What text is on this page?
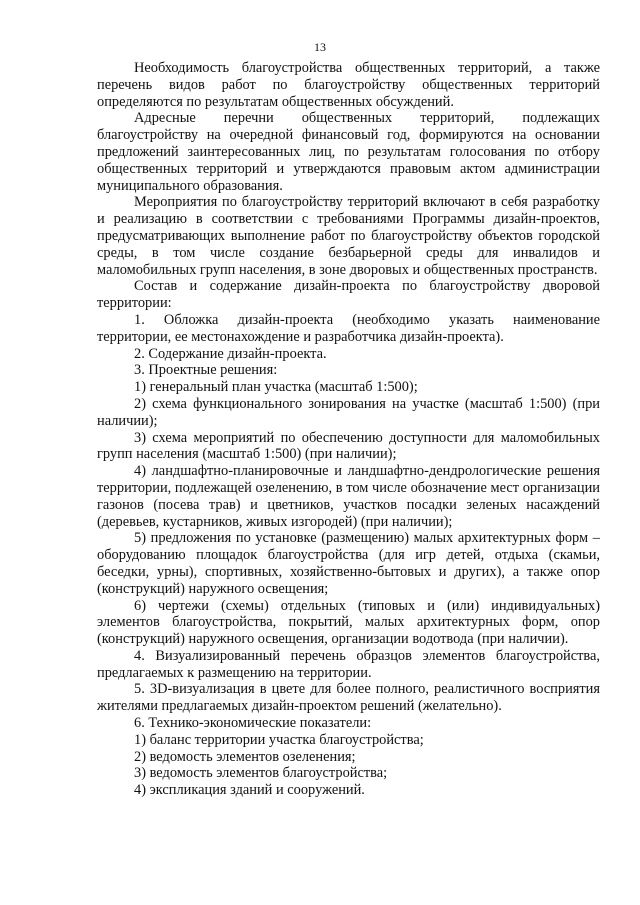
13

Необходимость благоустройства общественных территорий, а также перечень видов работ по благоустройству общественных территорий определяются по результатам общественных обсуждений.

Адресные перечни общественных территорий, подлежащих благоустройству на очередной финансовый год, формируются на основании предложений заинтересованных лиц, по результатам голосования по отбору общественных территорий и утверждаются правовым актом администрации муниципального образования.

Мероприятия по благоустройству территорий включают в себя разработку и реализацию в соответствии с требованиями Программы дизайн-проектов, предусматривающих выполнение работ по благоустройству объектов городской среды, в том числе создание безбарьерной среды для инвалидов и маломобильных групп населения, в зоне дворовых и общественных пространств.

Состав и содержание дизайн-проекта по благоустройству дворовой территории:

1. Обложка дизайн-проекта (необходимо указать наименование территории, ее местонахождение и разработчика дизайн-проекта).

2. Содержание дизайн-проекта.

3. Проектные решения:

1) генеральный план участка (масштаб 1:500);

2) схема функционального зонирования на участке (масштаб 1:500) (при наличии);

3) схема мероприятий по обеспечению доступности для маломобильных групп населения (масштаб 1:500) (при наличии);

4) ландшафтно-планировочные и ландшафтно-дендрологические решения территории, подлежащей озеленению, в том числе обозначение мест организации газонов (посева трав) и цветников, участков посадки зеленых насаждений (деревьев, кустарников, живых изгородей) (при наличии);

5) предложения по установке (размещению) малых архитектурных форм – оборудованию площадок благоустройства (для игр детей, отдыха (скамьи, беседки, урны), спортивных, хозяйственно-бытовых и других), а также опор (конструкций) наружного освещения;

6) чертежи (схемы) отдельных (типовых и (или) индивидуальных) элементов благоустройства, покрытий, малых архитектурных форм, опор (конструкций) наружного освещения, организации водотвода (при наличии).

4. Визуализированный перечень образцов элементов благоустройства, предлагаемых к размещению на территории.

5. 3D-визуализация в цвете для более полного, реалистичного восприятия жителями предлагаемых дизайн-проектом решений (желательно).

6. Технико-экономические показатели:

1) баланс территории участка благоустройства;

2) ведомость элементов озеленения;

3) ведомость элементов благоустройства;

4) экспликация зданий и сооружений.
